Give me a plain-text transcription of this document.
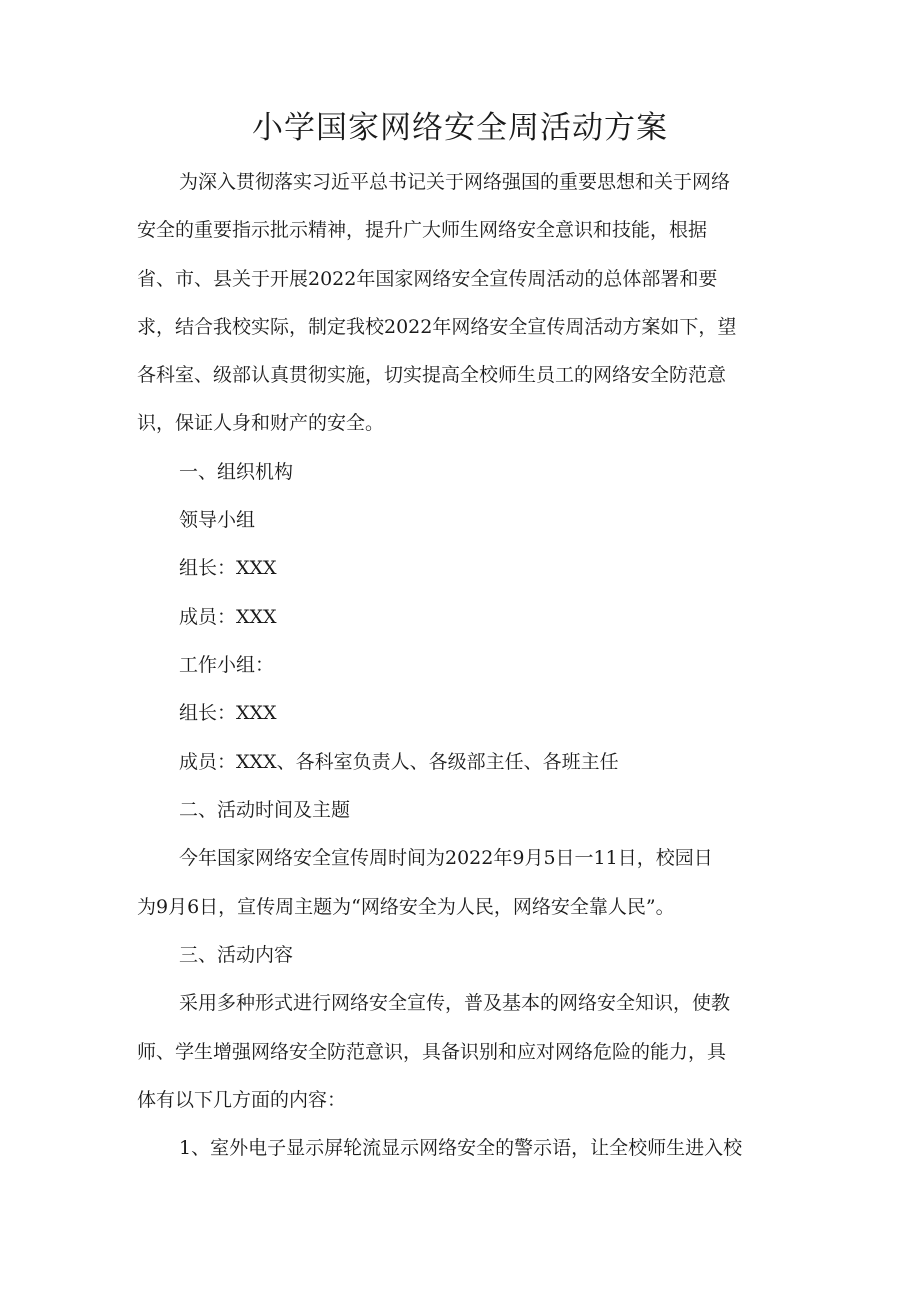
小学国家网络安全周活动方案

为深入贯彻落实习近平总书记关于网络强国的重要思想和关于网络

安全的重要指示批示精神，提升广大师生网络安全意识和技能，根据

省、市、县关于开展2022年国家网络安全宣传周活动的总体部署和要

求，结合我校实际，制定我校2022年网络安全宣传周活动方案如下，望

各科室、级部认真贯彻实施，切实提高全校师生员工的网络安全防范意

识，保证人身和财产的安全。

一、组织机构

领导小组

组长：XXX

成员：XXX

工作小组：

组长：XXX

成员：XXX、各科室负责人、各级部主任、各班主任

二、活动时间及主题

今年国家网络安全宣传周时间为2022年9月5日一11日，校园日

为9月6日，宣传周主题为“网络安全为人民，网络安全靠人民”。

三、活动内容

采用多种形式进行网络安全宣传，普及基本的网络安全知识，使教

师、学生增强网络安全防范意识，具备识别和应对网络危险的能力，具

体有以下几方面的内容：

1、室外电子显示屏轮流显示网络安全的警示语，让全校师生进入校
